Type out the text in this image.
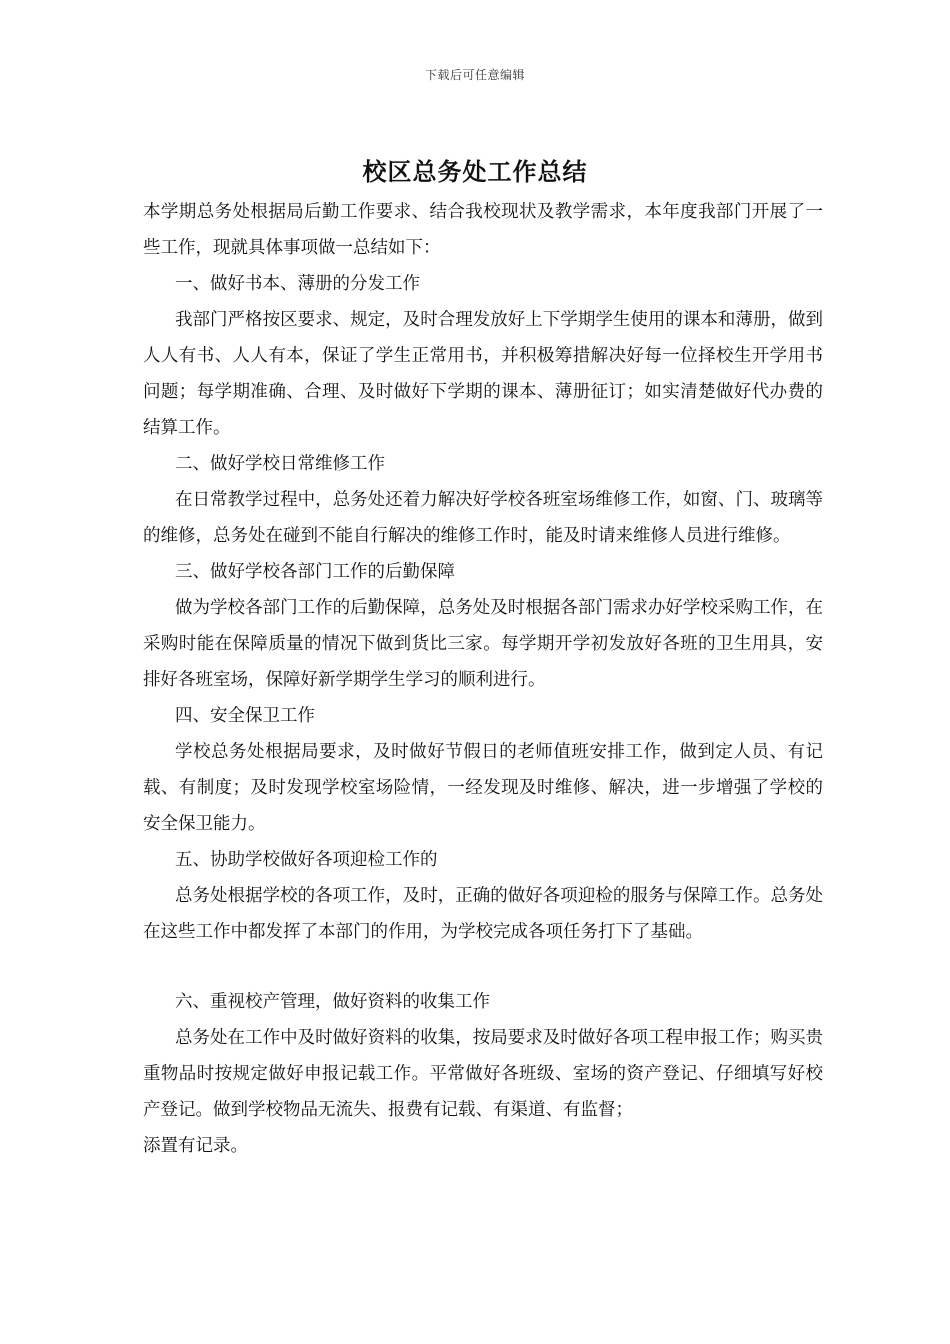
下载后可任意编辑
校区总务处工作总结

本学期总务处根据局后勤工作要求、结合我校现状及教学需求，本年度我部门开展了一些工作，现就具体事项做一总结如下：

一、做好书本、薄册的分发工作

我部门严格按区要求、规定，及时合理发放好上下学期学生使用的课本和薄册，做到人人有书、人人有本，保证了学生正常用书，并积极筹措解决好每一位择校生开学用书问题；每学期准确、合理、及时做好下学期的课本、薄册征订；如实清楚做好代办费的结算工作。

二、做好学校日常维修工作

在日常教学过程中，总务处还着力解决好学校各班室场维修工作，如窗、门、玻璃等的维修，总务处在碰到不能自行解决的维修工作时，能及时请来维修人员进行维修。

三、做好学校各部门工作的后勤保障

做为学校各部门工作的后勤保障，总务处及时根据各部门需求办好学校采购工作，在采购时能在保障质量的情况下做到货比三家。每学期开学初发放好各班的卫生用具，安排好各班室场，保障好新学期学生学习的顺利进行。

四、安全保卫工作

学校总务处根据局要求，及时做好节假日的老师值班安排工作，做到定人员、有记载、有制度；及时发现学校室场险情，一经发现及时维修、解决，进一步增强了学校的安全保卫能力。

五、协助学校做好各项迎检工作的

总务处根据学校的各项工作，及时，正确的做好各项迎检的服务与保障工作。总务处在这些工作中都发挥了本部门的作用，为学校完成各项任务打下了基础。

六、重视校产管理，做好资料的收集工作

总务处在工作中及时做好资料的收集，按局要求及时做好各项工程申报工作；购买贵重物品时按规定做好申报记载工作。平常做好各班级、室场的资产登记、仔细填写好校产登记。做到学校物品无流失、报费有记载、有渠道、有监督；

添置有记录。
